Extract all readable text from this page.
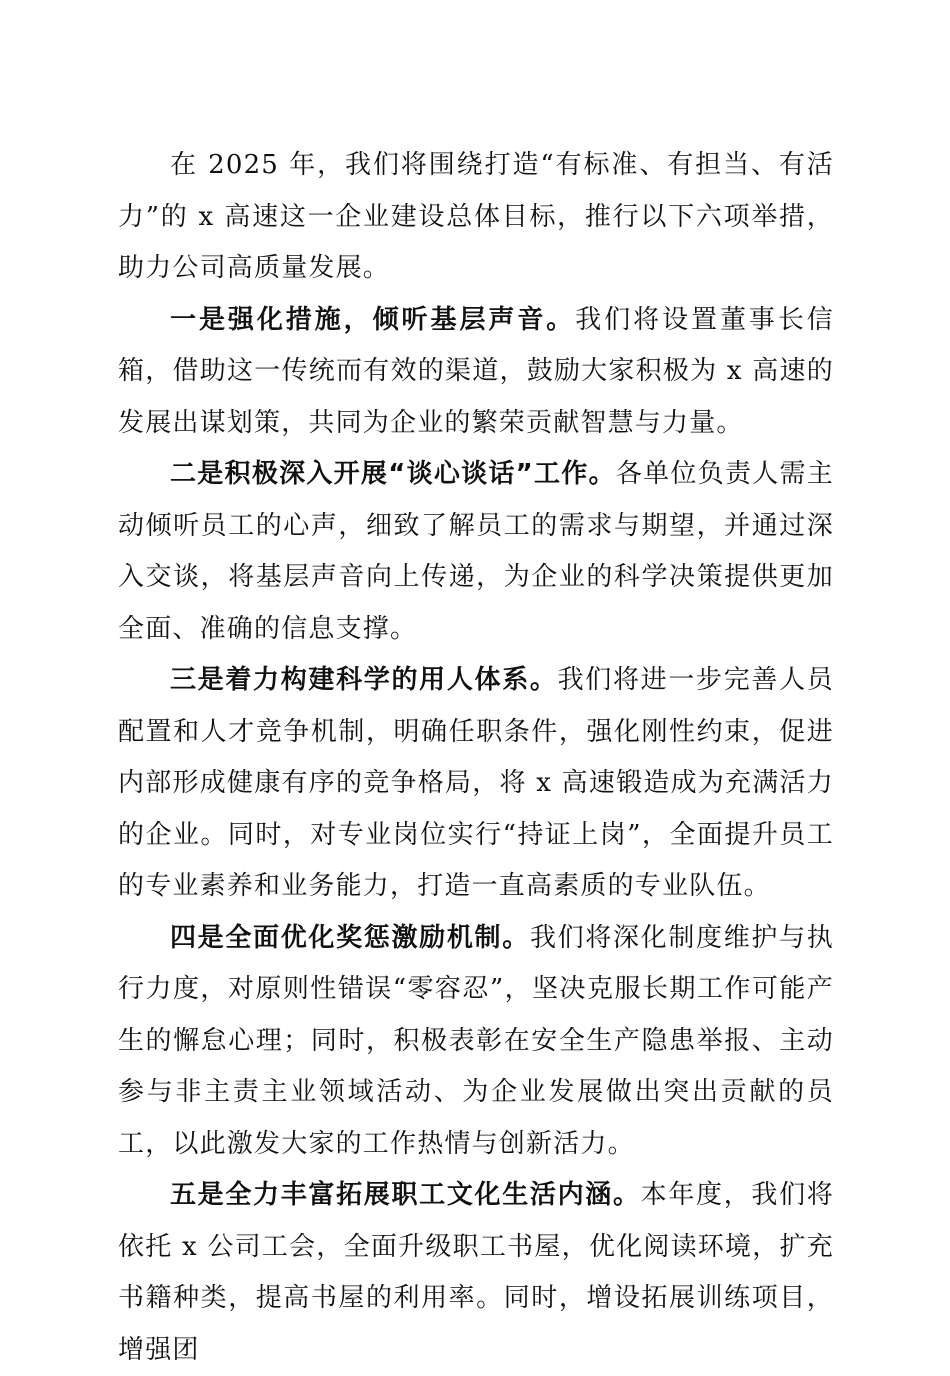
在 2025 年，我们将围绕打造“有标准、有担当、有活力”的 x 高速这一企业建设总体目标，推行以下六项举措，助力公司高质量发展。

一是强化措施，倾听基层声音。我们将设置董事长信箱，借助这一传统而有效的渠道，鼓励大家积极为 x 高速的发展出谋划策，共同为企业的繁荣贡献智慧与力量。

二是积极深入开展“谈心谈话”工作。各单位负责人需主动倾听员工的心声，细致了解员工的需求与期望，并通过深入交谈，将基层声音向上传递，为企业的科学决策提供更加全面、准确的信息支撑。

三是着力构建科学的用人体系。我们将进一步完善人员配置和人才竞争机制，明确任职条件，强化刚性约束，促进内部形成健康有序的竞争格局，将 x 高速锻造成为充满活力的企业。同时，对专业岗位实行“持证上岗”，全面提升员工的专业素养和业务能力，打造一直高素质的专业队伍。

四是全面优化奖惩激励机制。我们将深化制度维护与执行力度，对原则性错误“零容忍”，坚决克服长期工作可能产生的懈怠心理；同时，积极表彰在安全生产隐患举报、主动参与非主责主业领域活动、为企业发展做出突出贡献的员工，以此激发大家的工作热情与创新活力。

五是全力丰富拓展职工文化生活内涵。本年度，我们将依托 x 公司工会，全面升级职工书屋，优化阅读环境，扩充书籍种类，提高书屋的利用率。同时，增设拓展训练项目，增强团
